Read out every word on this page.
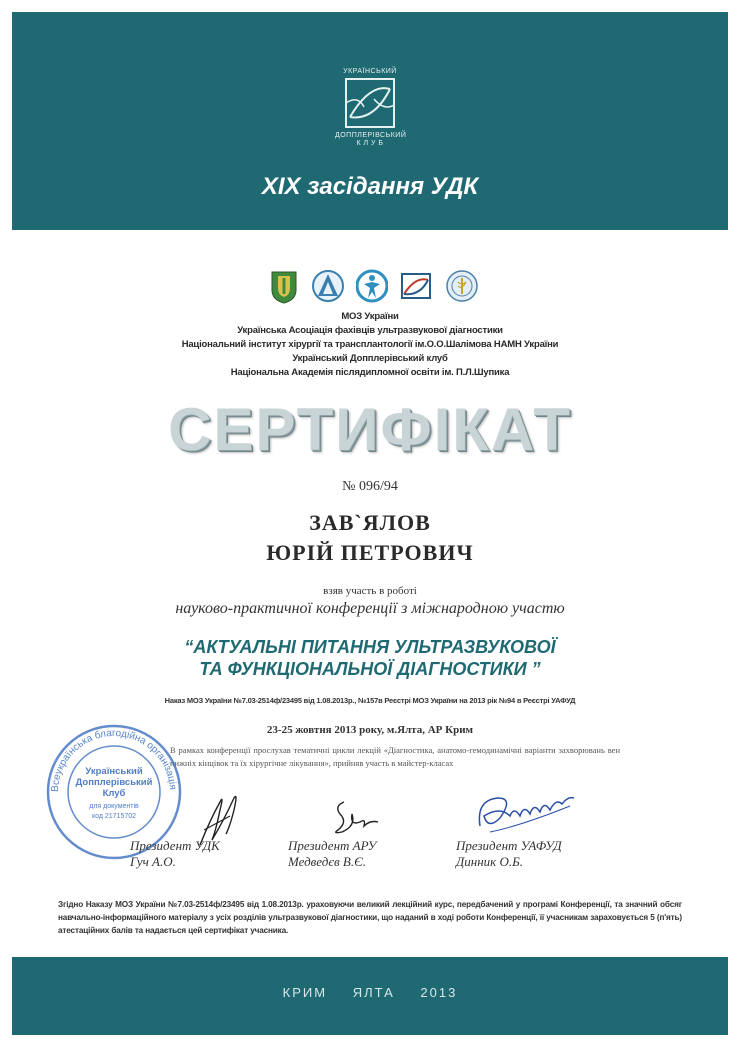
УКРАЇНСЬКИЙ
ДОППЛЕРІВСЬКИЙ
К Л У Б
XIX засідання УДК
МОЗ України
Українська Асоціація фахівців ультразвукової діагностики
Національний інститут хірургії та трансплантології ім.О.О.Шалімова НАМН України
Український Допплерівський клуб
Національна Академія післядипломної освіти ім. П.Л.Шупика
СЕРТИФІКАТ
№ 096/94
ЗАВ`ЯЛОВ
ЮРІЙ ПЕТРОВИЧ
взяв участь в роботі
науково-практичної конференції з міжнародною участю
“АКТУАЛЬНІ ПИТАННЯ УЛЬТРАЗВУКОВОЇ
ТА ФУНКЦІОНАЛЬНОЇ ДІАГНОСТИКИ ”
Наказ МОЗ України №7.03-2514ф/23495 від 1.08.2013р., №157в Реєстрі МОЗ України на 2013 рік №94 в Реєстрі УАФУД
23-25 жовтня 2013 року, м.Ялта, АР Крим
В рамках конференції прослухав тематичні цикли лекцій «Діагностика, анатомо-гемодинамічні варіанти захворювань вен нижніх кінцівок та їх хірургічне лікування», прийняв участь в майстер-класах
Всеукраїнська благодійна організація
Український
Допплерівський
Клуб
для документів
код 21715702
Президент УДК
Гуч А.О.
Президент АРУ
Медведєв В.Є.
Президент УАФУД
Динник О.Б.
Згідно Наказу МОЗ України №7.03-2514ф/23495 від 1.08.2013р. ураховуючи великий лекційний курс, передбачений у програмі Конференції, та значний обсяг навчально-інформаційного матеріалу з усіх розділів ультразвукової діагностики, що наданий в ході роботи Конференції, її учасникам зараховується 5 (п'ять) атестаційних балів та надається цей сертифікат учасника.
КРИМ ЯЛТА 2013
